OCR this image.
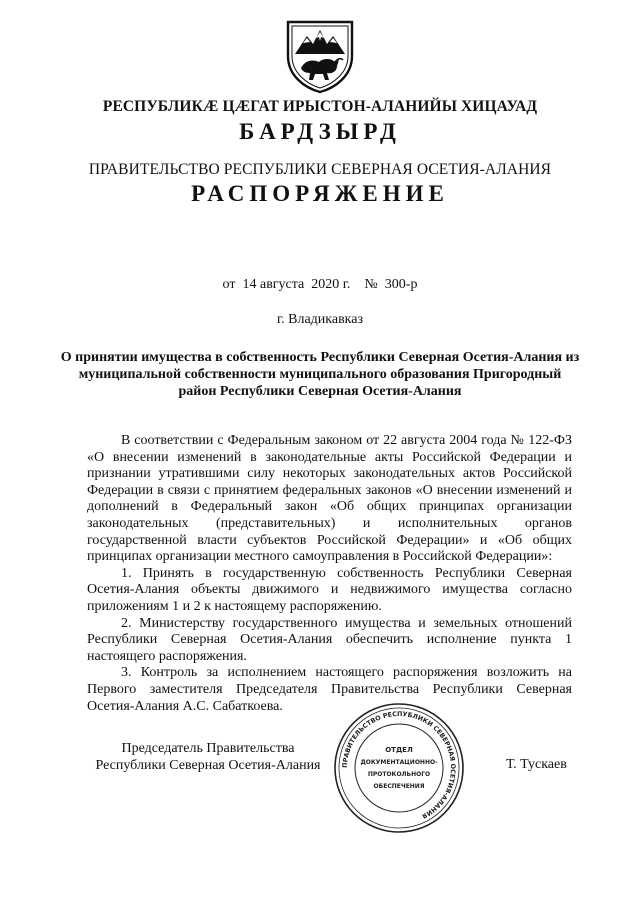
РЕСПУБЛИКӔ ЦӔГАТ ИРЫСТОН-АЛАНИЙЫ ХИЦАУАД
БАРДЗЫРД
ПРАВИТЕЛЬСТВО РЕСПУБЛИКИ СЕВЕРНАЯ ОСЕТИЯ-АЛАНИЯ
РАСПОРЯЖЕНИЕ
от  14 августа  2020 г.    №  300-р
г. Владикавказ
О принятии имущества в собственность Республики Северная Осетия-Алания из муниципальной собственности муниципального образования Пригородный район Республики Северная Осетия-Алания

В соответствии с Федеральным законом от 22 августа 2004 года № 122-ФЗ «О внесении изменений в законодательные акты Российской Федерации и признании утратившими силу некоторых законодательных актов Российской Федерации в связи с принятием федеральных законов «О внесении изменений и дополнений в Федеральный закон «Об общих принципах организации законодательных (представительных) и исполнительных органов государственной власти субъектов Российской Федерации» и «Об общих принципах организации местного самоуправления в Российской Федерации»:

1. Принять в государственную собственность Республики Северная Осетия-Алания объекты движимого и недвижимого имущества согласно приложениям 1 и 2 к настоящему распоряжению.

2. Министерству государственного имущества и земельных отношений Республики Северная Осетия-Алания обеспечить исполнение пункта 1 настоящего распоряжения.

3. Контроль за исполнением настоящего распоряжения возложить на Первого заместителя Председателя Правительства Республики Северная Осетия-Алания А.С. Сабаткоева.

Председатель Правительства
Республики Северная Осетия-Алания	Т. Тускаев
ПРАВИТЕЛЬСТВО РЕСПУБЛИКИ СЕВЕРНАЯ ОСЕТИЯ-АЛАНИЯ
ОТДЕЛ
ДОКУМЕНТАЦИОННО-
ПРОТОКОЛЬНОГО
ОБЕСПЕЧЕНИЯ
